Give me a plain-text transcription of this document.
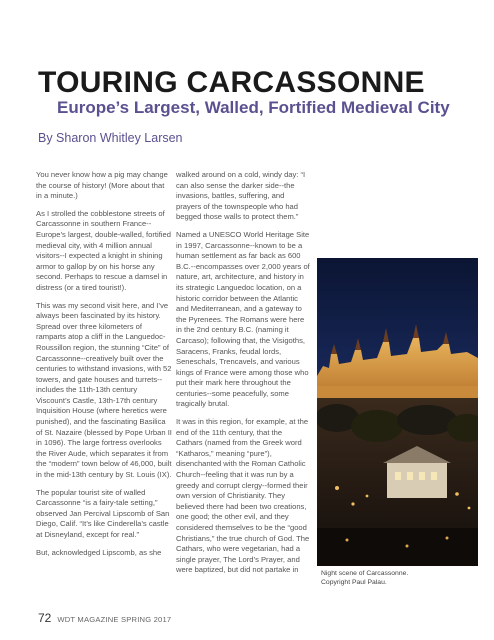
TOURING CARCASSONNE
Europe’s Largest, Walled, Fortified Medieval City
By Sharon Whitley Larsen

You never know how a pig may change the course of history! (More about that in a minute.)

As I strolled the cobblestone streets of Carcassonne in southern France--Europe’s largest, double-walled, fortified medieval city, with 4 million annual visitors--I expected a knight in shining armor to gallop by on his horse any second. Perhaps to rescue a damsel in distress (or a tired tourist!).

This was my second visit here, and I’ve always been fascinated by its history. Spread over three kilometers of ramparts atop a cliff in the Languedoc-Roussillon region, the stunning “Cite” of Carcassonne--creatively built over the centuries to withstand invasions, with 52 towers, and gate houses and turrets--includes the 11th-13th century Viscount’s Castle, 13th-17th century Inquisition House (where heretics were punished), and the fascinating Basilica of St. Nazaire (blessed by Pope Urban II in 1096). The large fortress overlooks the River Aude, which separates it from the “modern” town below of 46,000, built in the mid-13th century by St. Louis (IX).

The popular tourist site of walled Carcassonne “is a fairy-tale setting,” observed Jan Percival Lipscomb of San Diego, Calif. “It’s like Cinderella’s castle at Disneyland, except for real.”

But, acknowledged Lipscomb, as she

walked around on a cold, windy day: “I can also sense the darker side--the invasions, battles, suffering, and prayers of the townspeople who had begged those walls to protect them.”

Named a UNESCO World Heritage Site in 1997, Carcassonne--known to be a human settlement as far back as 600 B.C.--encompasses over 2,000 years of nature, art, architecture, and history in its strategic Languedoc location, on a historic corridor between the Atlantic and Mediterranean, and a gateway to the Pyrenees. The Romans were here in the 2nd century B.C. (naming it Carcaso); following that, the Visigoths, Saracens, Franks, feudal lords, Seneschals, Trencavels, and various kings of France were among those who put their mark here throughout the centuries--some peacefully, some tragically brutal.

It was in this region, for example, at the end of the 11th century, that the Cathars (named from the Greek word “Katharos,” meaning “pure”), disenchanted with the Roman Catholic Church--feeling that it was run by a greedy and corrupt clergy--formed their own version of Christianity. They believed there had been two creations, one good; the other evil, and they considered themselves to be the “good Christians,” the true church of God. The Cathars, who were vegetarian, had a single prayer, The Lord’s Prayer, and were baptized, but did not partake in	Night scene of Carcassonne.
Copyright Paul Palau.
72 WDT MAGAZINE SPRING 2017
